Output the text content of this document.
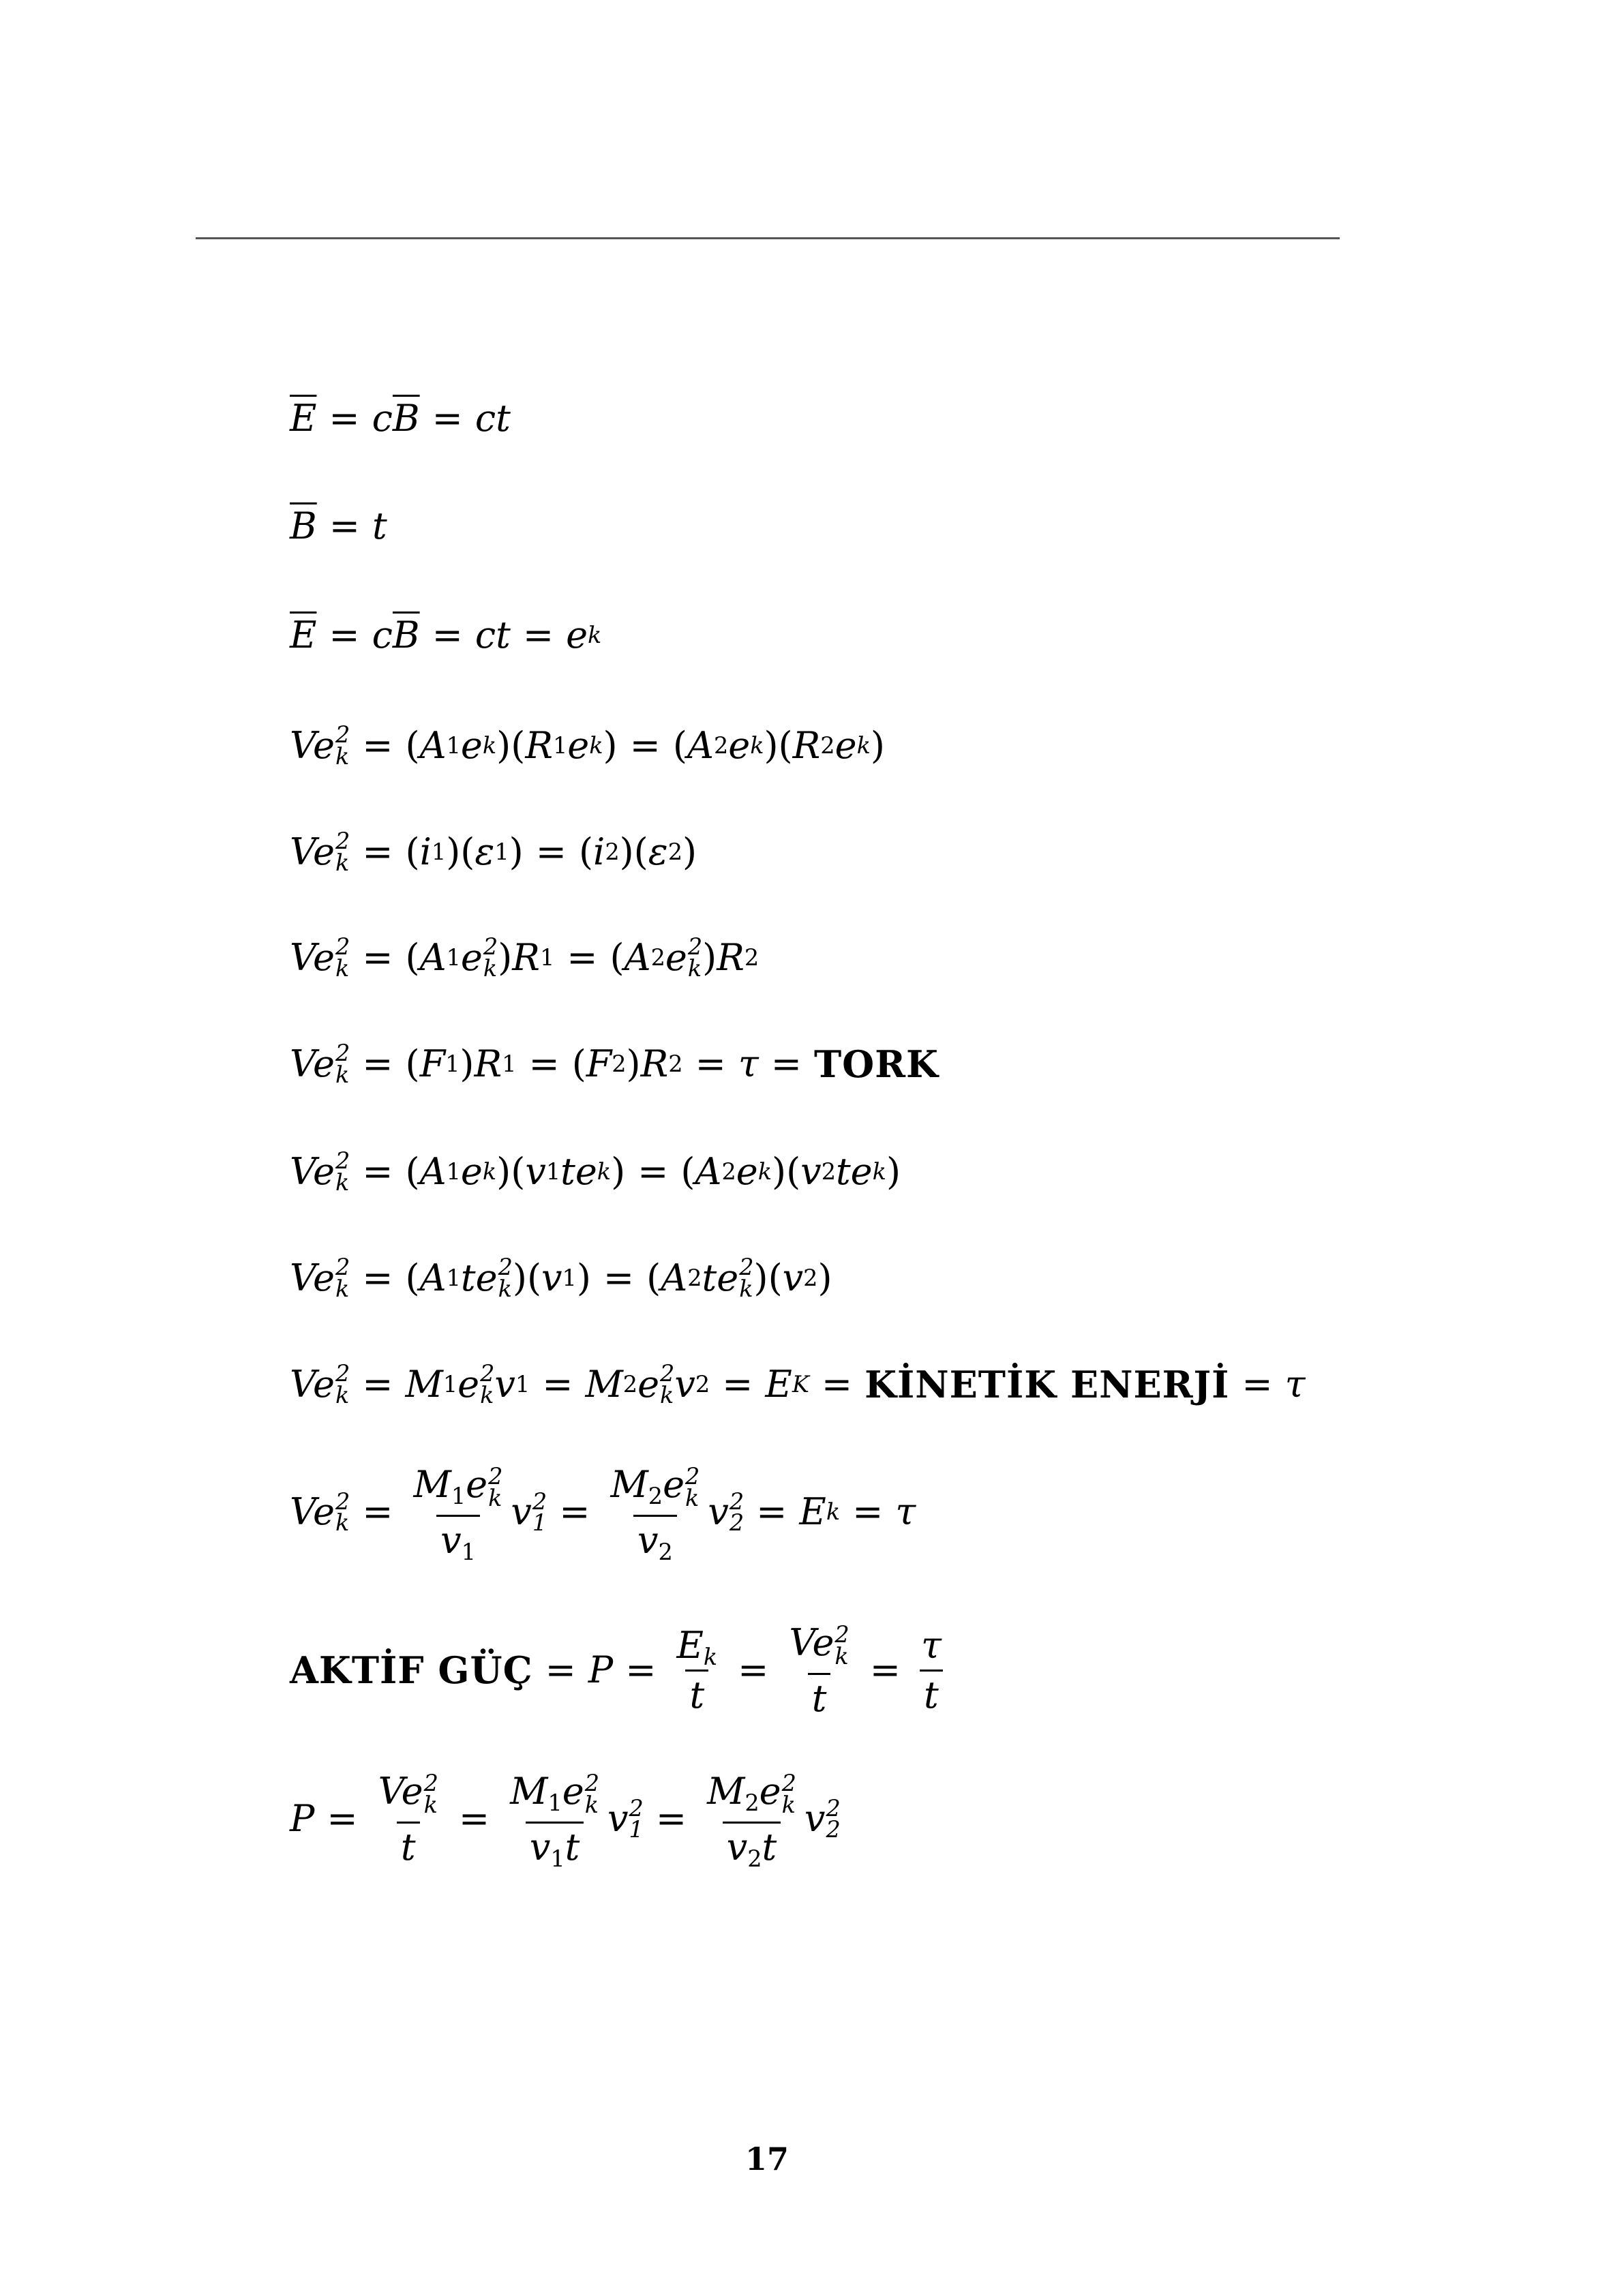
$\overline{E} = c$ $\overline{B}$ = ct
$\overline{B} = t$
$\overline{E} = c$ $\overline{B}$ = ct = e k
Ve 2
k = ( A 1 e k )( R 1 e k ) = ( A 2 e k )( R 2 e k )
Ve 2
k = ( i 1 )( ε 1 ) = ( i 2 )( ε 2 )
Ve 2
k = ( A 1 e 2
k ) R 1 = ( A 2 e 2
k ) R 2
Ve 2
k = ( F 1 ) R 1 = ( F 2 ) R 2 = τ = TORK
Ve 2
k = ( A 1 e k )( v 1 te k ) = ( A 2 e k )( v 2 te k )
Ve 2
k = ( A 1 te 2
k )( v 1 ) = ( A 2 te 2
k )( v 2 )
Ve 2
k = M 1 e 2
k v 1 = M 2 e 2
k v 2 = E K = KİNETİK ENERJİ = τ
Ve 2
$k = M_1e$ 2
k
$v_1$ v 2
$1 = M_2e$ 2
k
$v_2$ v 2
2 = E k = τ
AKTİF GÜÇ = $P = \frac{E_k}{t} = Ve$ 2
k
$t = \frac{\tau}{t}$
P = Ve 2
k
$t = M_1e$ 2
k
$v_1t$ v 2
$1 = M_2e$ 2
k
$v_2t$ v 2
2
17
